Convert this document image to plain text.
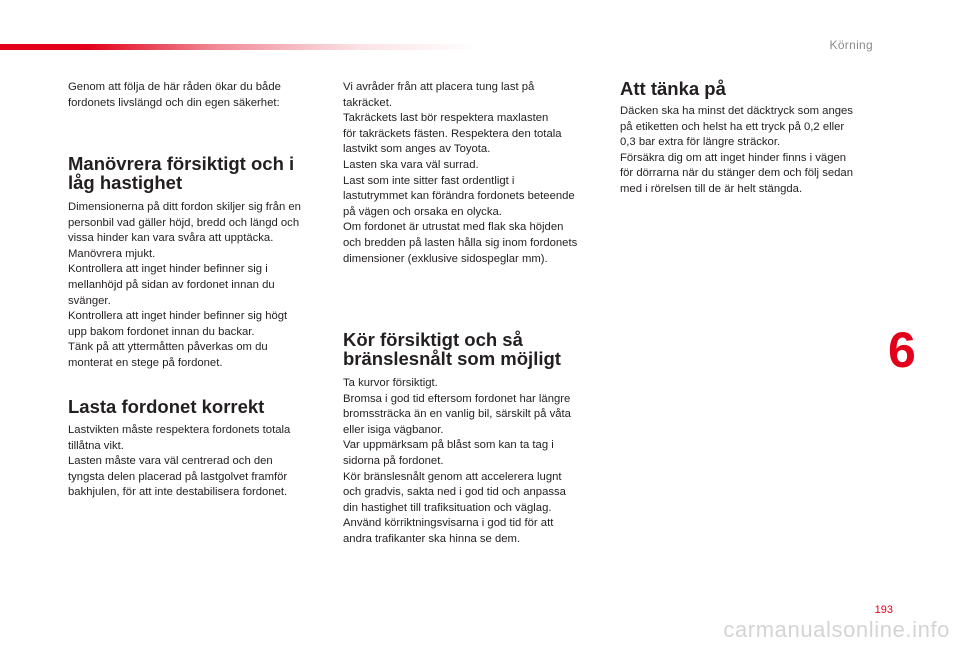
Körning
6
193
carmanualsonline.info

Genom att följa de här råden ökar du både
fordonets livslängd och din egen säkerhet:

Manövrera försiktigt och i
låg hastighet

Dimensionerna på ditt fordon skiljer sig från en
personbil vad gäller höjd, bredd och längd och
vissa hinder kan vara svåra att upptäcka.
Manövrera mjukt.
Kontrollera att inget hinder befinner sig i
mellanhöjd på sidan av fordonet innan du
svänger.
Kontrollera att inget hinder befinner sig högt
upp bakom fordonet innan du backar.
Tänk på att yttermåtten påverkas om du
monterat en stege på fordonet.

Lasta fordonet korrekt

Lastvikten måste respektera fordonets totala
tillåtna vikt.
Lasten måste vara väl centrerad och den
tyngsta delen placerad på lastgolvet framför
bakhjulen, för att inte destabilisera fordonet.

Vi avråder från att placera tung last på
takräcket.
Takräckets last bör respektera maxlasten
för takräckets fästen. Respektera den totala
lastvikt som anges av Toyota.
Lasten ska vara väl surrad.
Last som inte sitter fast ordentligt i
lastutrymmet kan förändra fordonets beteende
på vägen och orsaka en olycka.
Om fordonet är utrustat med flak ska höjden
och bredden på lasten hålla sig inom fordonets
dimensioner (exklusive sidospeglar mm).

Kör försiktigt och så
bränslesnålt som möjligt

Ta kurvor försiktigt.
Bromsa i god tid eftersom fordonet har längre
bromssträcka än en vanlig bil, särskilt på våta
eller isiga vägbanor.
Var uppmärksam på blåst som kan ta tag i
sidorna på fordonet.
Kör bränslesnålt genom att accelerera lugnt
och gradvis, sakta ned i god tid och anpassa
din hastighet till trafiksituation och väglag.
Använd körriktningsvisarna i god tid för att
andra trafikanter ska hinna se dem.

Att tänka på

Däcken ska ha minst det däcktryck som anges
på etiketten och helst ha ett tryck på 0,2 eller
0,3 bar extra för längre sträckor.
Försäkra dig om att inget hinder finns i vägen
för dörrarna när du stänger dem och följ sedan
med i rörelsen till de är helt stängda.
